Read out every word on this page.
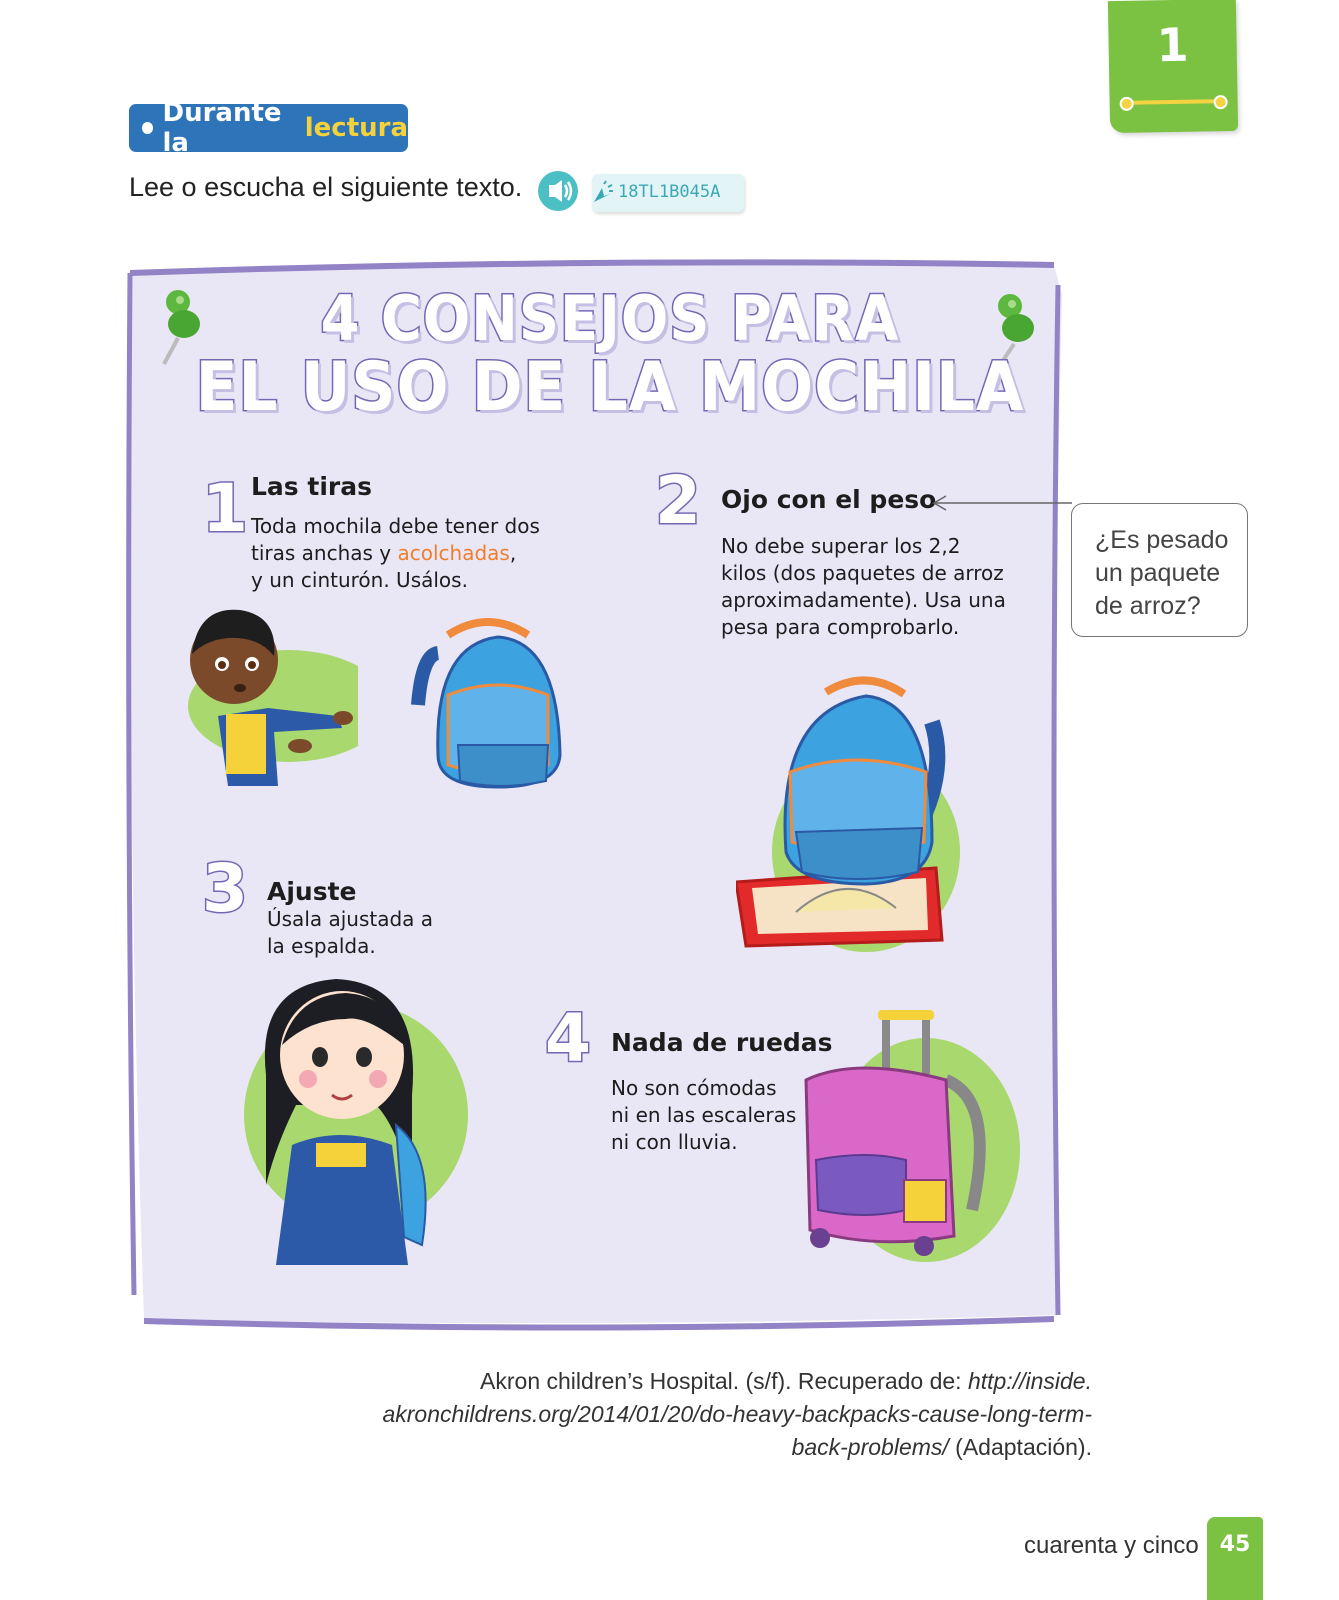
1
Durante la	lectura
Lee o escucha el siguiente texto.	18TL1B045A
4 CONSEJOS PARA
EL USO DE LA MOCHILA
1 Las tiras
Toda mochila debe tener dos
tiras anchas y acolchadas,
y un cinturón. Usálos.
2 Ojo con el peso
No debe superar los 2,2
kilos (dos paquetes de arroz
aproximadamente). Usa una
pesa para comprobarlo.
¿Es pesado
un paquete
de arroz?
3 Ajuste
Úsala ajustada a
la espalda.
4 Nada de ruedas
No son cómodas
ni en las escaleras
ni con lluvia.
Akron children’s Hospital. (s/f). Recuperado de: http://inside.
akronchildrens.org/2014/01/20/do-heavy-backpacks-cause-long-term-
back-problems/ (Adaptación).
cuarenta y cinco 45
